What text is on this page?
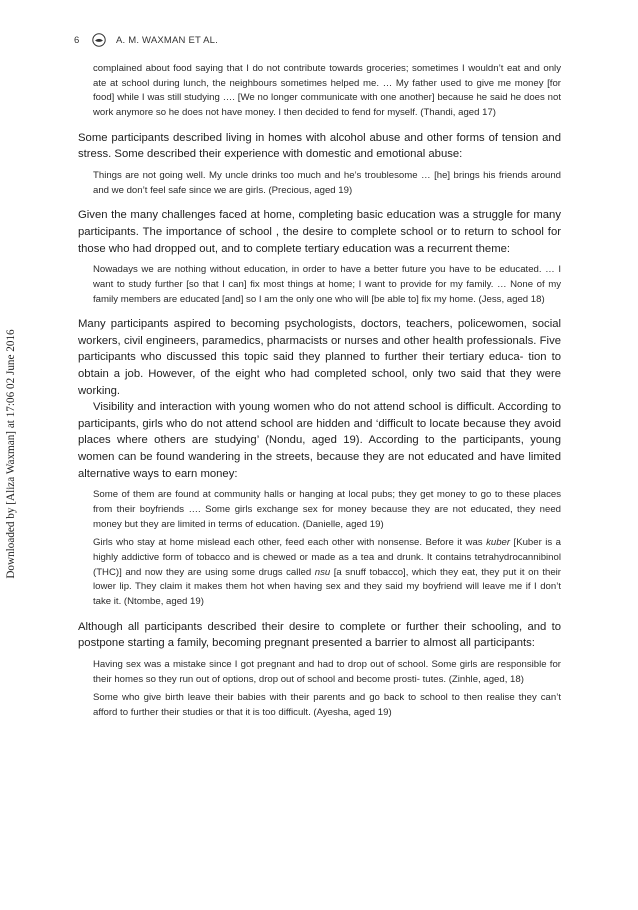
Downloaded by [Aliza Waxman] at 17:06 02 June 2016
6	A. M. WAXMAN ET AL.

complained about food saying that I do not contribute towards groceries; sometimes I wouldn’t eat and only ate at school during lunch, the neighbours sometimes helped me. … My father used to give me money [for food] while I was still studying …. [We no longer communicate with one another] because he said he does not work anymore so he does not have money. I then decided to fend for myself. (Thandi, aged 17)

Some participants described living in homes with alcohol abuse and other forms of tension and stress. Some described their experience with domestic and emotional abuse:

Things are not going well. My uncle drinks too much and he’s troublesome … [he] brings his friends around and we don’t feel safe since we are girls. (Precious, aged 19)

Given the many challenges faced at home, completing basic education was a struggle for many participants. The importance of school , the desire to complete school or to return to school for those who had dropped out, and to complete tertiary education was a recurrent theme:

Nowadays we are nothing without education, in order to have a better future you have to be educated. … I want to study further [so that I can] fix most things at home; I want to provide for my family. … None of my family members are educated [and] so I am the only one who will [be able to] fix my home. (Jess, aged 18)

Many participants aspired to becoming psychologists, doctors, teachers, policewomen, social workers, civil engineers, paramedics, pharmacists or nurses and other health professionals. Five participants who discussed this topic said they planned to further their tertiary educa- tion to obtain a job. However, of the eight who had completed school, only two said that they were working.

Visibility and interaction with young women who do not attend school is difficult. According to participants, girls who do not attend school are hidden and ‘difficult to locate because they avoid places where others are studying’ (Nondu, aged 19). According to the participants, young women can be found wandering in the streets, because they are not educated and have limited alternative ways to earn money:

Some of them are found at community halls or hanging at local pubs; they get money to go to these places from their boyfriends …. Some girls exchange sex for money because they are not educated, they need money but they are limited in terms of education. (Danielle, aged 19)

Girls who stay at home mislead each other, feed each other with nonsense. Before it was kuber [Kuber is a highly addictive form of tobacco and is chewed or made as a tea and drunk. It contains tetrahydrocannibinol (THC)] and now they are using some drugs called nsu [a snuff tobacco], which they eat, they put it on their lower lip. They claim it makes them hot when having sex and they said my boyfriend will leave me if I don’t take it. (Ntombe, aged 19)

Although all participants described their desire to complete or further their schooling, and to postpone starting a family, becoming pregnant presented a barrier to almost all participants:

Having sex was a mistake since I got pregnant and had to drop out of school. Some girls are responsible for their homes so they run out of options, drop out of school and become prosti- tutes. (Zinhle, aged, 18)

Some who give birth leave their babies with their parents and go back to school to then realise they can’t afford to further their studies or that it is too difficult. (Ayesha, aged 19)
